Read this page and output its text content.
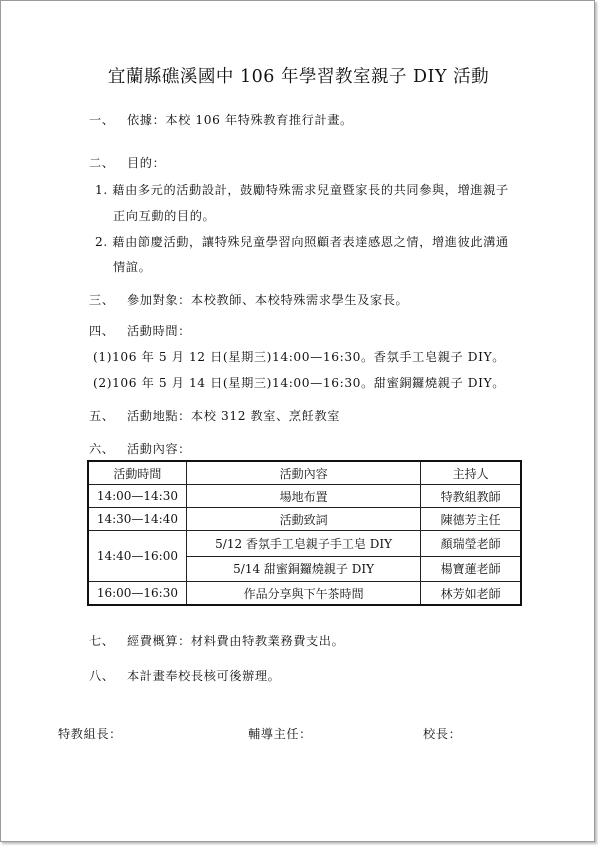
宜蘭縣礁溪國中 106 年學習教室親子 DIY 活動
一、 依據：本校 106 年特殊教育推行計畫。
二、 目的：
1. 藉由多元的活動設計，鼓勵特殊需求兒童暨家長的共同參與，增進親子
正向互動的目的。
2. 藉由節慶活動，讓特殊兒童學習向照顧者表達感恩之情，增進彼此溝通
情誼。
三、 參加對象：本校教師、本校特殊需求學生及家長。
四、 活動時間：
(1)106 年 5 月 12 日(星期三)14:00—16:30。香氛手工皂親子 DIY。
(2)106 年 5 月 14 日(星期三)14:00—16:30。甜蜜銅鑼燒親子 DIY。
五、 活動地點：本校 312 教室、烹飪教室
六、 活動內容：
活動時間	活動內容	主持人
14:00—14:30	場地布置	特教組教師
14:30—14:40	活動致詞	陳德芳主任
14:40—16:00	5/12 香氛手工皂親子手工皂 DIY	顏瑞瑩老師
	5/14 甜蜜銅鑼燒親子 DIY	楊寶蓮老師
16:00—16:30	作品分享與下午茶時間	林芳如老師
七、 經費概算：材料費由特教業務費支出。
八、 本計畫奉校長核可後辦理。
特教組長：	輔導主任：	校長：
